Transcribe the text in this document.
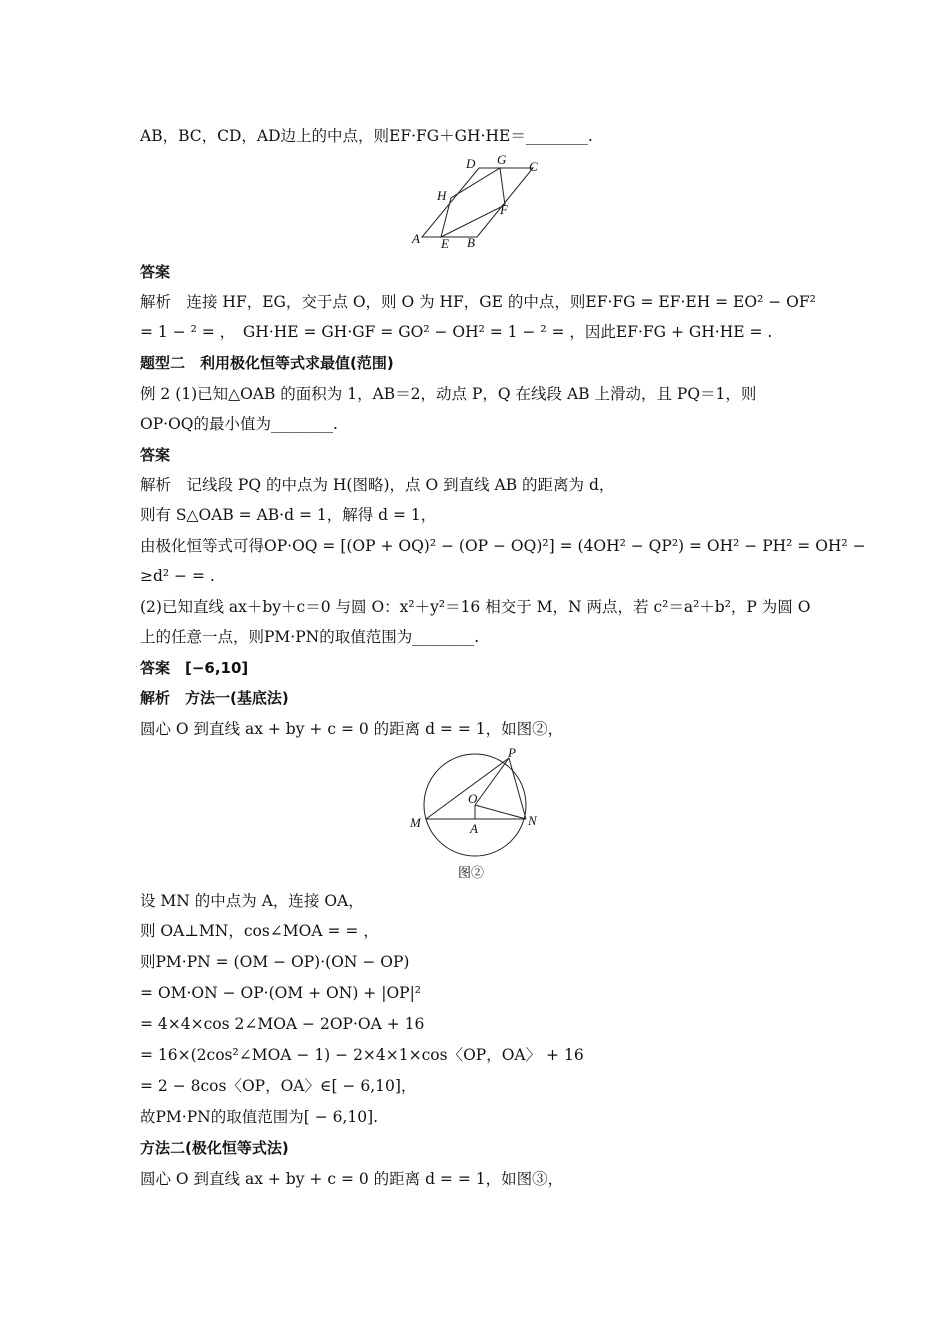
AB，BC，CD，AD边上的中点，则EF·FG＋GH·HE＝________.
D G C
H
F
A E B
答案
解析　连接 HF，EG，交于点 O，则 O 为 HF，GE 的中点，则EF·FG = EF·EH = EO² − OF²
= 1 − ² = ，　GH·HE = GH·GF = GO² − OH² = 1 − ² = ，因此EF·FG + GH·HE = .
题型二　利用极化恒等式求最值(范围)
例 2 (1)已知△OAB 的面积为 1，AB＝2，动点 P，Q 在线段 AB 上滑动，且 PQ＝1，则
OP·OQ的最小值为________.
答案
解析　记线段 PQ 的中点为 H(图略)，点 O 到直线 AB 的距离为 d，
则有 S△OAB = AB·d = 1，解得 d = 1，
由极化恒等式可得OP·OQ = [(OP + OQ)² − (OP − OQ)²] = (4OH² − QP²) = OH² − PH² = OH² −
≥d² − = .
(2)已知直线 ax＋by＋c＝0 与圆 O：x²＋y²＝16 相交于 M，N 两点，若 c²＝a²＋b²，P 为圆 O
上的任意一点，则PM·PN的取值范围为________.
答案　[−6,10]
解析　方法一(基底法)
圆心 O 到直线 ax + by + c = 0 的距离 d = = 1，如图②，
P
O
M	A
N
图②
设 MN 的中点为 A，连接 OA，
则 OA⊥MN，cos∠MOA = = ，
则PM·PN = (OM − OP)·(ON − OP)
= OM·ON − OP·(OM + ON) + |OP|²
= 4×4×cos 2∠MOA − 2OP·OA + 16
= 16×(2cos²∠MOA − 1) − 2×4×1×cos〈OP，OA〉 + 16
= 2 − 8cos〈OP，OA〉∈[ − 6,10]，
故PM·PN的取值范围为[ − 6,10].
方法二(极化恒等式法)
圆心 O 到直线 ax + by + c = 0 的距离 d = = 1，如图③，
